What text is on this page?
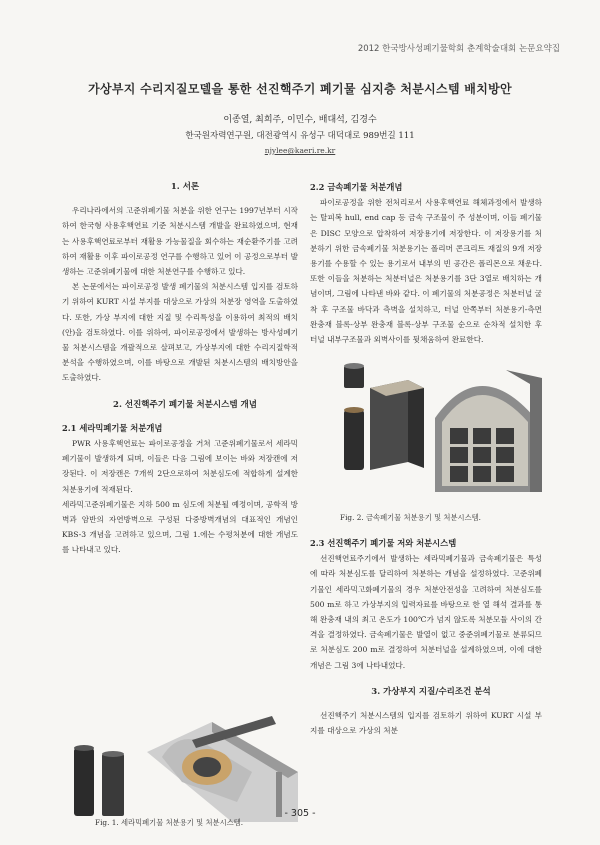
2012 한국방사성폐기물학회 춘계학술대회 논문요약집
가상부지 수리지질모델을 통한 선진핵주기 폐기물 심지층 처분시스템 배치방안
이종열, 최희주, 이민수, 배대석, 김경수
한국원자력연구원, 대전광역시 유성구 대덕대로 989번길 111
njylee@kaeri.re.kr

1. 서론

우리나라에서의 고준위폐기물 처분을 위한 연구는 1997년부터 시작하여 한국형 사용후핵연료 기준 처분시스템 개발을 완료하였으며, 현재는 사용후핵연료로부터 재활용 가능물질을 회수하는 재순환주기를 고려하여 재활용 이후 파이로공정 연구를 수행하고 있어 이 공정으로부터 발생하는 고준위폐기물에 대한 처분연구를 수행하고 있다.

본 논문에서는 파이로공정 발생 폐기물의 처분시스템 입지를 검토하기 위하여 KURT 시설 부지를 대상으로 가상의 처분장 영역을 도출하였다. 또한, 가상 부지에 대한 지질 및 수리특성을 이용하여 최적의 배치(안)을 검토하였다. 이를 위하여, 파이로공정에서 발생하는 방사성폐기물 처분시스템을 개괄적으로 살펴보고, 가상부지에 대한 수리지질학적 분석을 수행하였으며, 이를 바탕으로 개발된 처분시스템의 배치방안을 도출하였다.

2. 선진핵주기 폐기물 처분시스템 개념

2.1 세라믹폐기물 처분개념

PWR 사용후핵연료는 파이로공정을 거쳐 고준위폐기물로서 세라믹폐기물이 발생하게 되며, 이들은 다음 그림에 보이는 바와 저장캔에 저장된다. 이 저장캔은 7개씩 2단으로하여 처분심도에 적합하게 설계한 처분용기에 적재된다.

세라믹고준위폐기물은 지하 500 m 심도에 처분될 예정이며, 공학적 방벽과 암반의 자연방벽으로 구성된 다중방벽개념의 대표적인 개념인 KBS-3 개념을 고려하고 있으며, 그림 1.에는 수평처분에 대한 개념도를 나타내고 있다.

Fig. 1. 세라믹폐기물 처분용기 및 처분시스템.

2.2 금속폐기물 처분개념

파이로공정을 위한 전처리로서 사용후핵연료 해체과정에서 발생하는 탈피복 hull, end cap 등 금속 구조물이 주 성분이며, 이들 폐기물은 DISC 모양으로 압착하여 저장용기에 저장한다. 이 저장용기를 처분하기 위한 금속폐기물 처분용기는 폴리머 콘크리트 재질의 9개 저장용기를 수용할 수 있는 용기로서 내부의 빈 공간은 폴리몬으로 채운다. 또한 이들을 처분하는 처분터널은 처분용기를 3단 3열로 배치하는 개념이며, 그림에 나타낸 바와 같다. 이 폐기물의 처분공정은 처분터널 굴착 후 구조물 바닥과 측벽을 설치하고, 터널 안쪽부터 처분용기-측면 완충재 블록-상부 완충재 블록-상부 구조물 순으로 순차적 설치한 후 터널 내부구조물과 외벽사이를 뒷채움하여 완료한다.

Fig. 2. 금속폐기물 처분용기 및 처분시스템.

2.3 선진핵주기 폐기물 저와 처분시스템

선진핵연료주기에서 발생하는 세라믹폐기물과 금속폐기물은 특성에 따라 처분심도를 달리하여 처분하는 개념을 설정하였다. 고준위폐기물인 세라믹고화폐기물의 경우 처분안전성을 고려하여 처분심도를 500 m로 하고 가상부지의 입력자료를 바탕으로 한 열 해석 결과를 통해 완충재 내의 최고 온도가 100℃가 넘지 않도록 처분모듈 사이의 간격을 결정하였다. 금속폐기물은 발열이 없고 중준위폐기물로 분류되므로 처분심도 200 m로 결정하여 처분터널을 설계하였으며, 이에 대한 개념은 그림 3에 나타내었다.

3. 가상부지 지질/수리조건 분석

선진핵주기 처분시스템의 입지를 검토하기 위하여 KURT 시설 부지를 대상으로 가상의 처분

- 305 -
